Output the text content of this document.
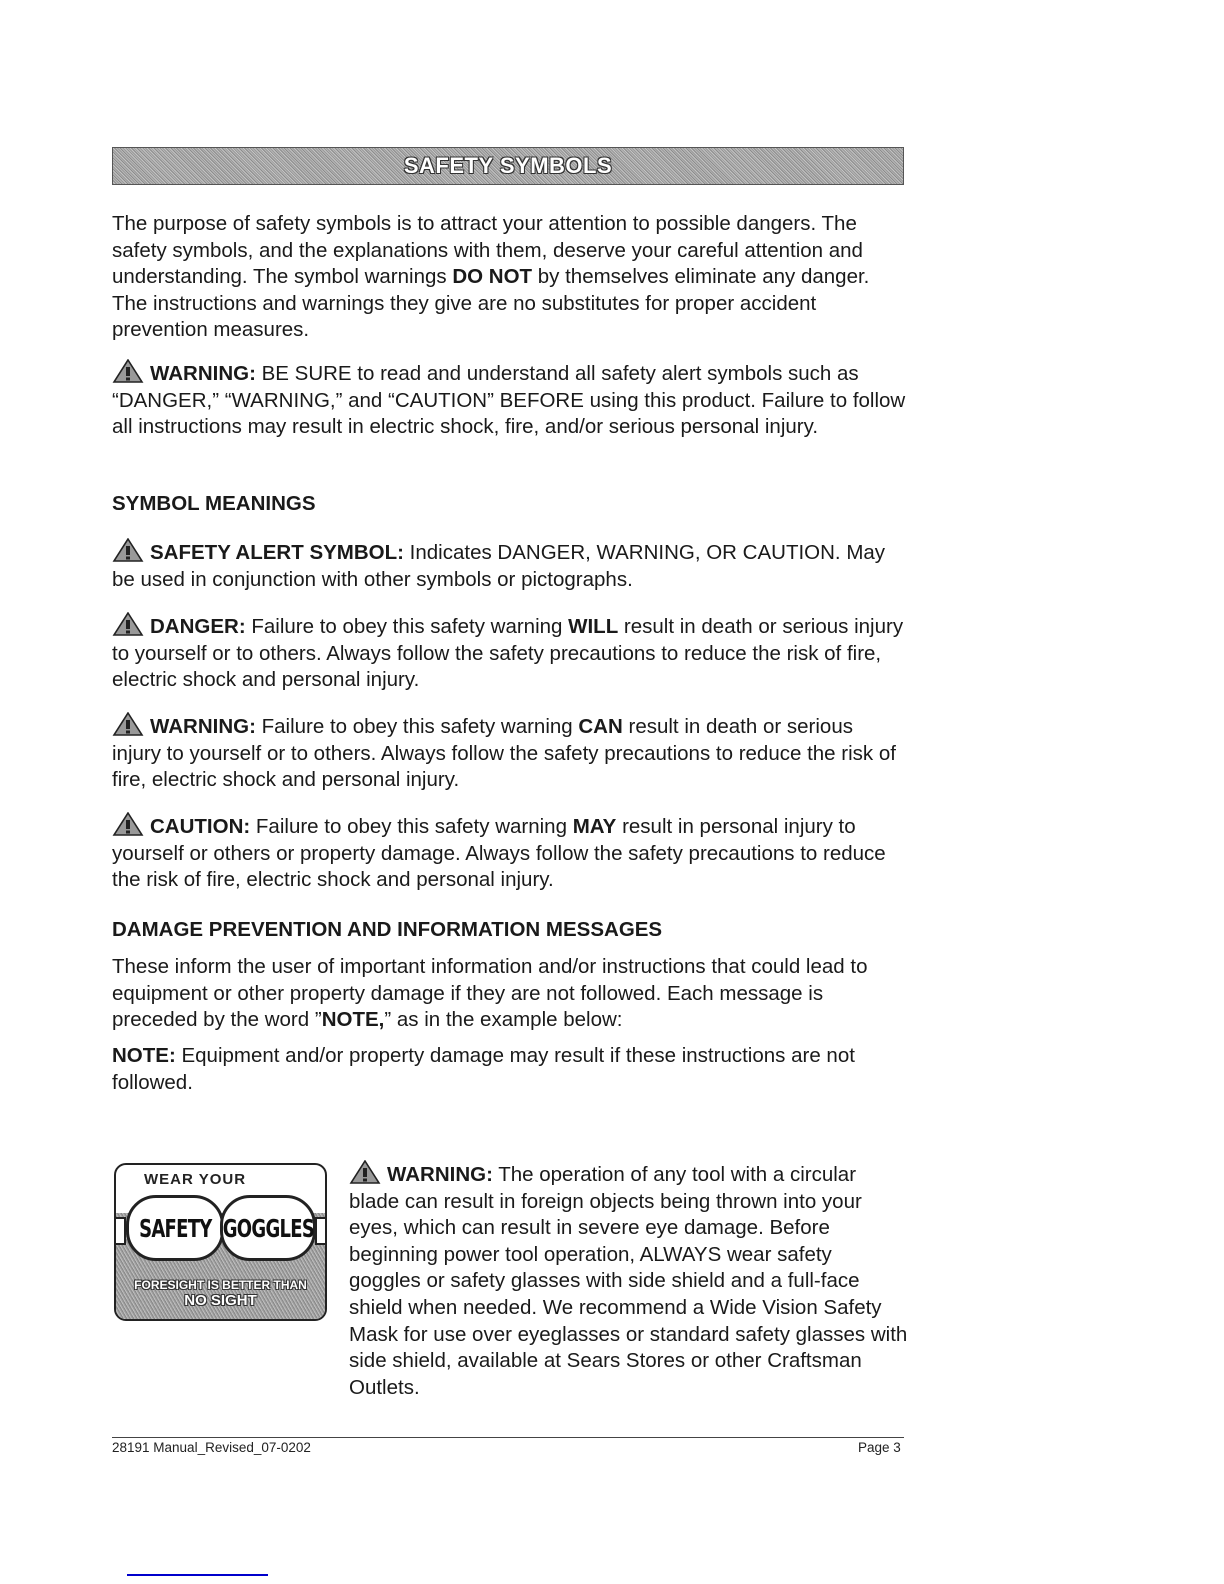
SAFETY SYMBOLS

The purpose of safety symbols is to attract your attention to possible dangers. The safety symbols, and the explanations with them, deserve your careful attention and understanding. The symbol warnings DO NOT by themselves eliminate any danger. The instructions and warnings they give are no substitutes for proper accident prevention measures.

WARNING: BE SURE to read and understand all safety alert symbols such as “DANGER,” “WARNING,” and “CAUTION” BEFORE using this product. Failure to follow all instructions may result in electric shock, fire, and/or serious personal injury.

SYMBOL MEANINGS

SAFETY ALERT SYMBOL: Indicates DANGER, WARNING, OR CAUTION. May be used in conjunction with other symbols or pictographs.

DANGER: Failure to obey this safety warning WILL result in death or serious injury to yourself or to others. Always follow the safety precautions to reduce the risk of fire, electric shock and personal injury.

WARNING: Failure to obey this safety warning CAN result in death or serious injury to yourself or to others. Always follow the safety precautions to reduce the risk of fire, electric shock and personal injury.

CAUTION: Failure to obey this safety warning MAY result in personal injury to yourself or others or property damage. Always follow the safety precautions to reduce the risk of fire, electric shock and personal injury.

DAMAGE PREVENTION AND INFORMATION MESSAGES

These inform the user of important information and/or instructions that could lead to equipment or other property damage if they are not followed. Each message is preceded by the word ”NOTE,” as in the example below:

NOTE: Equipment and/or property damage may result if these instructions are not followed.

WEAR YOUR
SAFETY GOGGLES
FORESIGHT IS BETTER THAN
NO SIGHT

WARNING: The operation of any tool with a circular blade can result in foreign objects being thrown into your eyes, which can result in severe eye damage. Before beginning power tool operation, ALWAYS wear safety goggles or safety glasses with side shield and a full-face shield when needed. We recommend a Wide Vision Safety Mask for use over eyeglasses or standard safety glasses with side shield, available at Sears Stores or other Craftsman Outlets.

28191 Manual_Revised_07-0202	Page 3
